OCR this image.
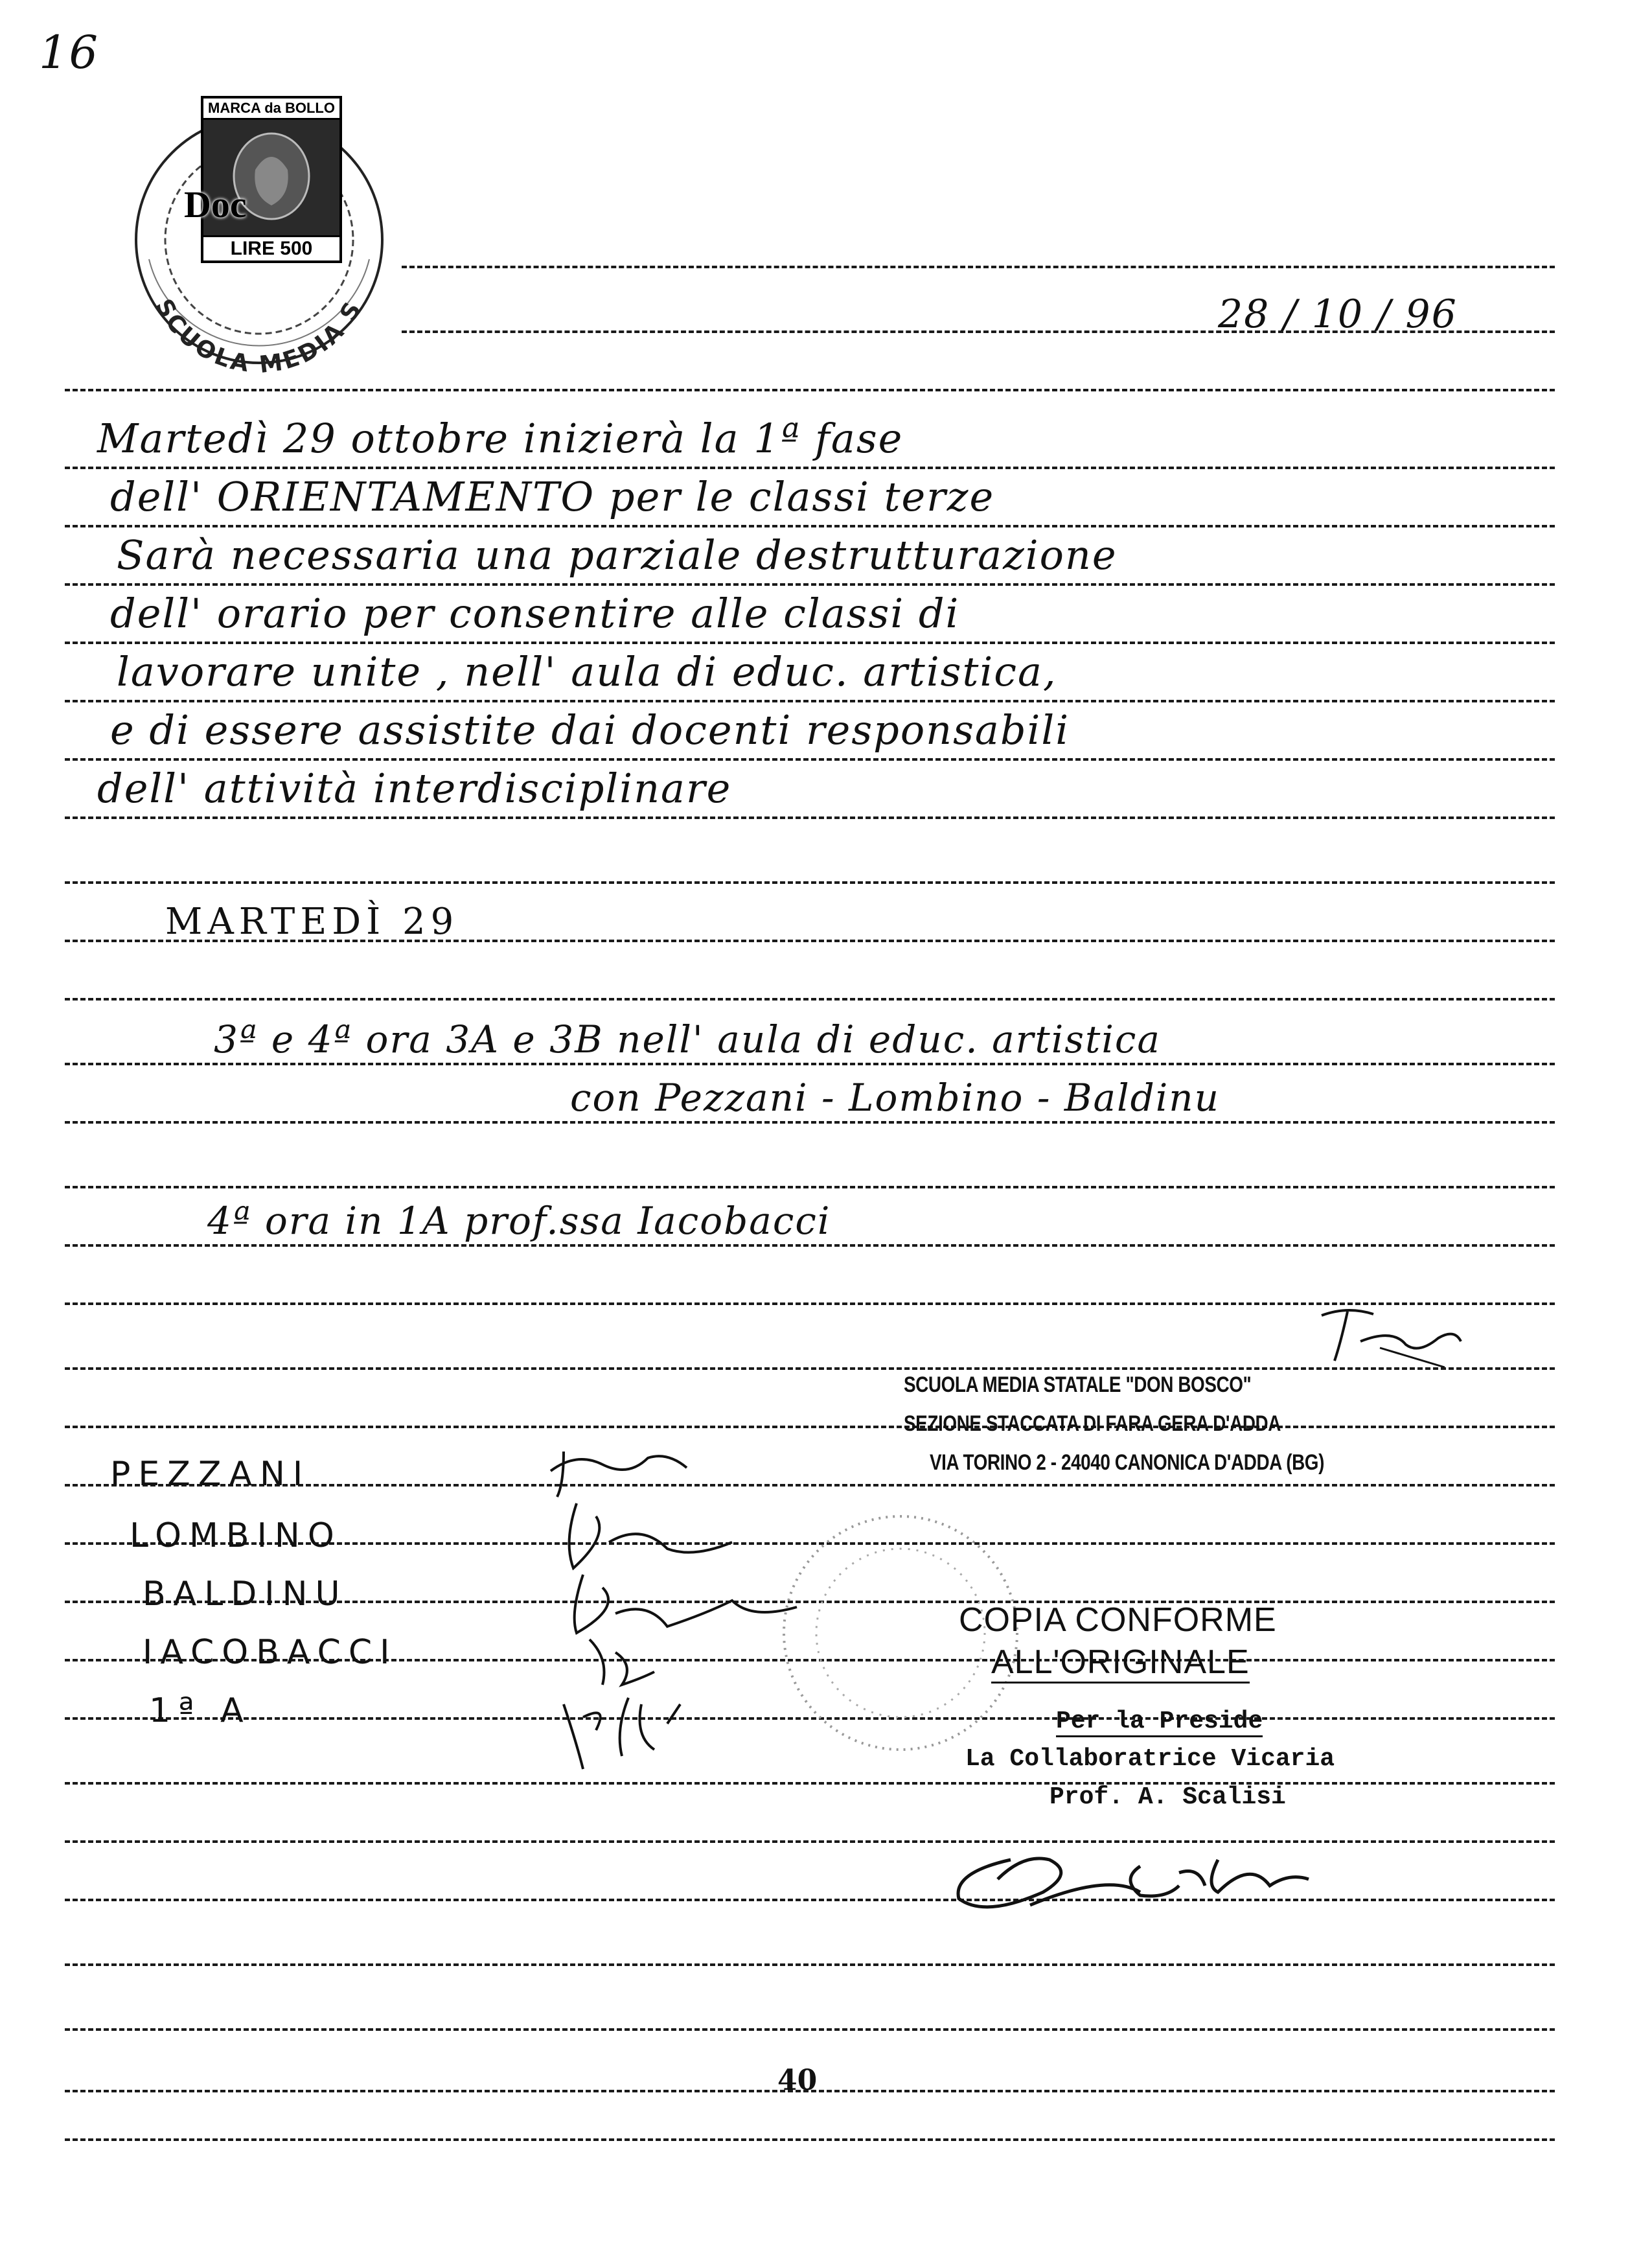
16
SCUOLA MEDIA STATALE	MARCA da BOLLO
Doc
LIRE 500
28 / 10 / 96
Martedì 29 ottobre inizierà la 1ª fase
dell' ORIENTAMENTO per le classi terze
Sarà necessaria una parziale destrutturazione
dell' orario per consentire alle classi di
lavorare unite , nell' aula di educ. artistica,
e di essere assistite dai docenti responsabili
dell' attività interdisciplinare
MARTEDÌ 29
3ª e 4ª ora 3A e 3B nell' aula di educ. artistica
con Pezzani - Lombino - Baldinu
4ª ora in 1A prof.ssa Iacobacci
SCUOLA MEDIA STATALE "DON BOSCO"
SEZIONE STACCATA DI FARA GERA D'ADDA
VIA TORINO 2 - 24040 CANONICA D'ADDA (BG)
PEZZANI
LOMBINO
BALDINU
IACOBACCI
1ª A
COPIA CONFORME
ALL'ORIGINALE
Per la Preside
La Collaboratrice Vicaria
Prof. A. Scalisi
40
